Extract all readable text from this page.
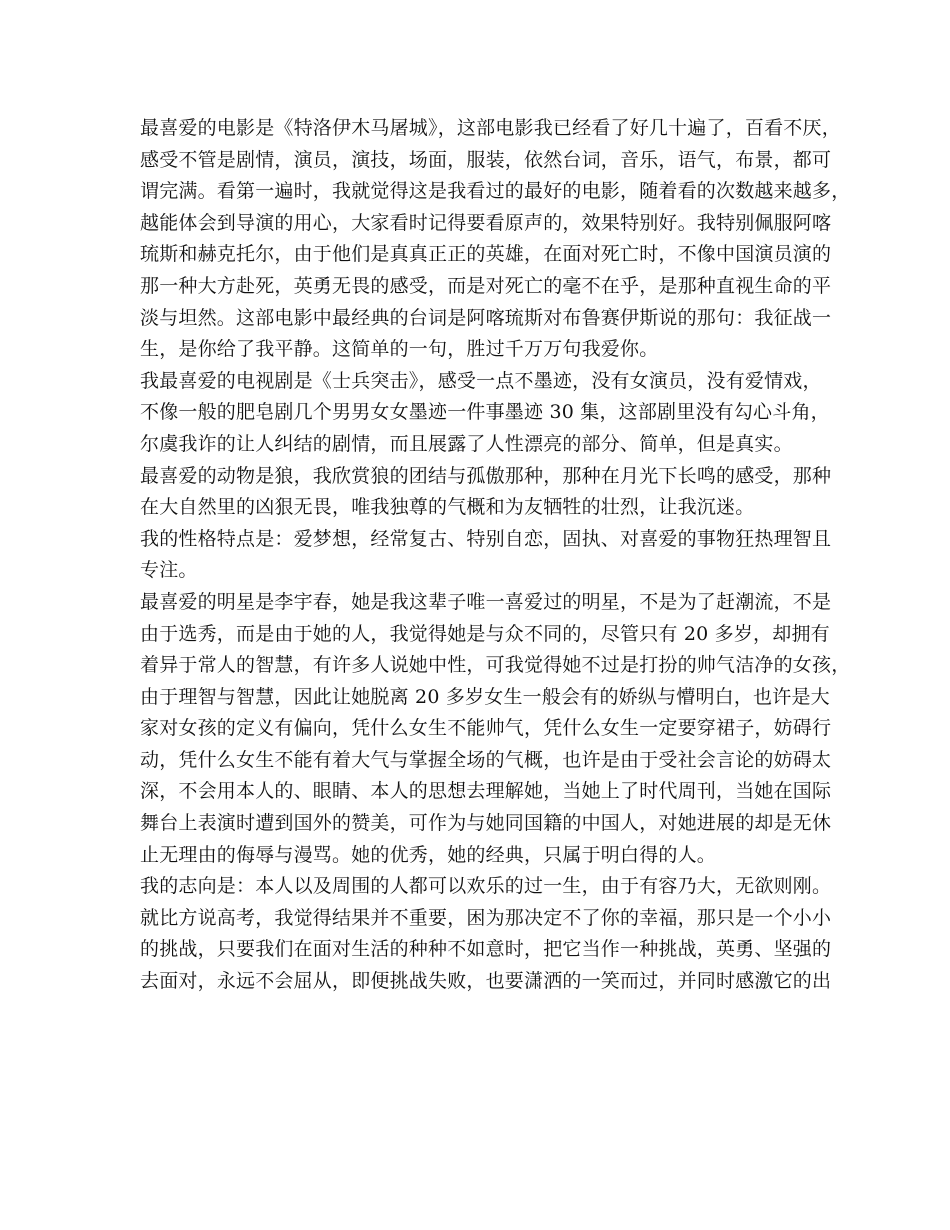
最喜爱的电影是《特洛伊木马屠城》，这部电影我已经看了好几十遍了，百看不厌，
感受不管是剧情，演员，演技，场面，服装，依然台词，音乐，语气，布景，都可
谓完满。看第一遍时，我就觉得这是我看过的最好的电影，随着看的次数越来越多，
越能体会到导演的用心，大家看时记得要看原声的，效果特别好。我特别佩服阿喀
琉斯和赫克托尔，由于他们是真真正正的英雄，在面对死亡时，不像中国演员演的
那一种大方赴死，英勇无畏的感受，而是对死亡的毫不在乎，是那种直视生命的平
淡与坦然。这部电影中最经典的台词是阿喀琉斯对布鲁赛伊斯说的那句：我征战一
生，是你给了我平静。这简单的一句，胜过千万万句我爱你。
我最喜爱的电视剧是《士兵突击》，感受一点不墨迹，没有女演员，没有爱情戏，
不像一般的肥皂剧几个男男女女墨迹一件事墨迹 30 集，这部剧里没有勾心斗角，
尔虞我诈的让人纠结的剧情，而且展露了人性漂亮的部分、简单，但是真实。
最喜爱的动物是狼，我欣赏狼的团结与孤傲那种，那种在月光下长鸣的感受，那种
在大自然里的凶狠无畏，唯我独尊的气概和为友牺牲的壮烈，让我沉迷。
我的性格特点是：爱梦想，经常复古、特别自恋，固执、对喜爱的事物狂热理智且
专注。
最喜爱的明星是李宇春，她是我这辈子唯一喜爱过的明星，不是为了赶潮流，不是
由于选秀，而是由于她的人，我觉得她是与众不同的，尽管只有 20 多岁，却拥有
着异于常人的智慧，有许多人说她中性，可我觉得她不过是打扮的帅气洁净的女孩，
由于理智与智慧，因此让她脱离 20 多岁女生一般会有的娇纵与懵明白，也许是大
家对女孩的定义有偏向，凭什么女生不能帅气，凭什么女生一定要穿裙子，妨碍行
动，凭什么女生不能有着大气与掌握全场的气概，也许是由于受社会言论的妨碍太
深，不会用本人的、眼睛、本人的思想去理解她，当她上了时代周刊，当她在国际
舞台上表演时遭到国外的赞美，可作为与她同国籍的中国人，对她进展的却是无休
止无理由的侮辱与漫骂。她的优秀，她的经典，只属于明白得的人。
我的志向是：本人以及周围的人都可以欢乐的过一生，由于有容乃大，无欲则刚。
就比方说高考，我觉得结果并不重要，困为那决定不了你的幸福，那只是一个小小
的挑战，只要我们在面对生活的种种不如意时，把它当作一种挑战，英勇、坚强的
去面对，永远不会屈从，即便挑战失败，也要潇洒的一笑而过，并同时感激它的出
